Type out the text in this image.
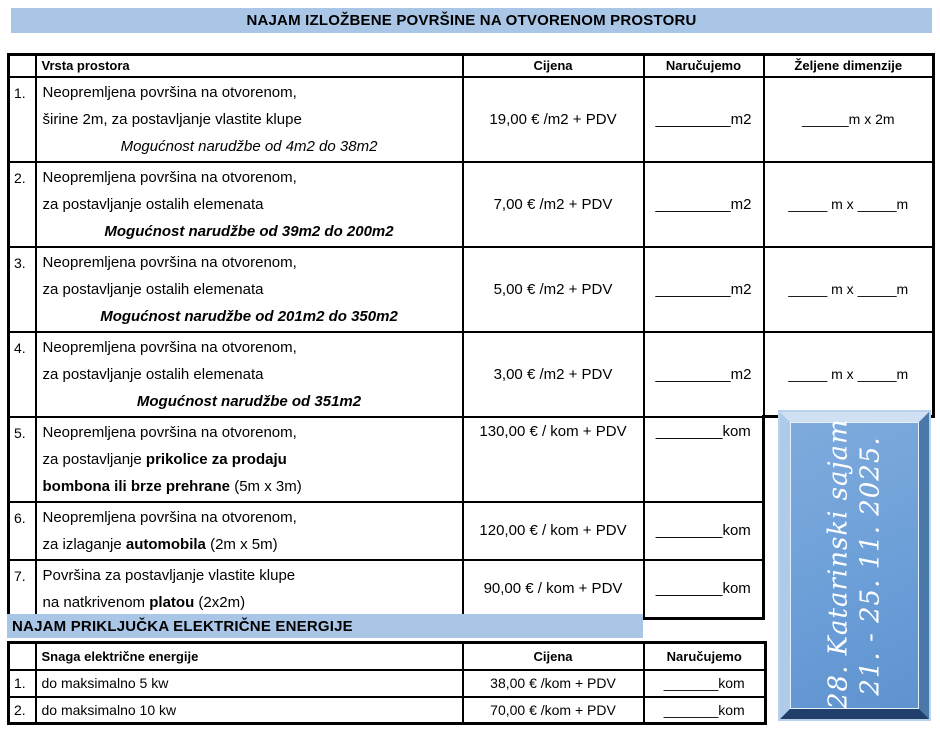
NAJAM IZLOŽBENE POVRŠINE NA OTVORENOM PROSTORU
	Vrsta prostora	Cijena	Naručujemo	Željene dimenzije
1.	Neopremljena površina na otvorenom,
širine 2m, za postavljanje vlastite klupe
Mogućnost narudžbe od 4m2 do 38m2	19,00 € /m2 + PDV	_________m2	______m x 2m
2.	Neopremljena površina na otvorenom,
za postavljanje ostalih elemenata
Mogućnost narudžbe od 39m2 do 200m2	7,00 € /m2 + PDV	_________m2	_____ m x _____m
3.	Neopremljena površina na otvorenom,
za postavljanje ostalih elemenata
Mogućnost narudžbe od 201m2 do 350m2	5,00 € /m2 + PDV	_________m2	_____ m x _____m
4.	Neopremljena površina na otvorenom,
za postavljanje ostalih elemenata
Mogućnost narudžbe od 351m2	3,00 € /m2 + PDV	_________m2	_____ m x _____m
5.	Neopremljena površina na otvorenom,
za postavljanje prikolice za prodaju
bombona ili brze prehrane (5m x 3m)	130,00 € / kom + PDV	________kom	
6.	Neopremljena površina na otvorenom,
za izlaganje automobila (2m x 5m)	120,00 € / kom + PDV	________kom	
7.	Površina za postavljanje vlastite klupe
na natkrivenom platou (2x2m)	90,00 € / kom + PDV	________kom		28. Katarinski sajam 21. - 25. 11. 2025.
NAJAM PRIKLJUČKA ELEKTRIČNE ENERGIJE
	Snaga električne energije	Cijena	Naručujemo
1.	do maksimalno 5 kw	38,00 € /kom + PDV	_______kom
2.	do maksimalno 10 kw	70,00 € /kom + PDV	_______kom
